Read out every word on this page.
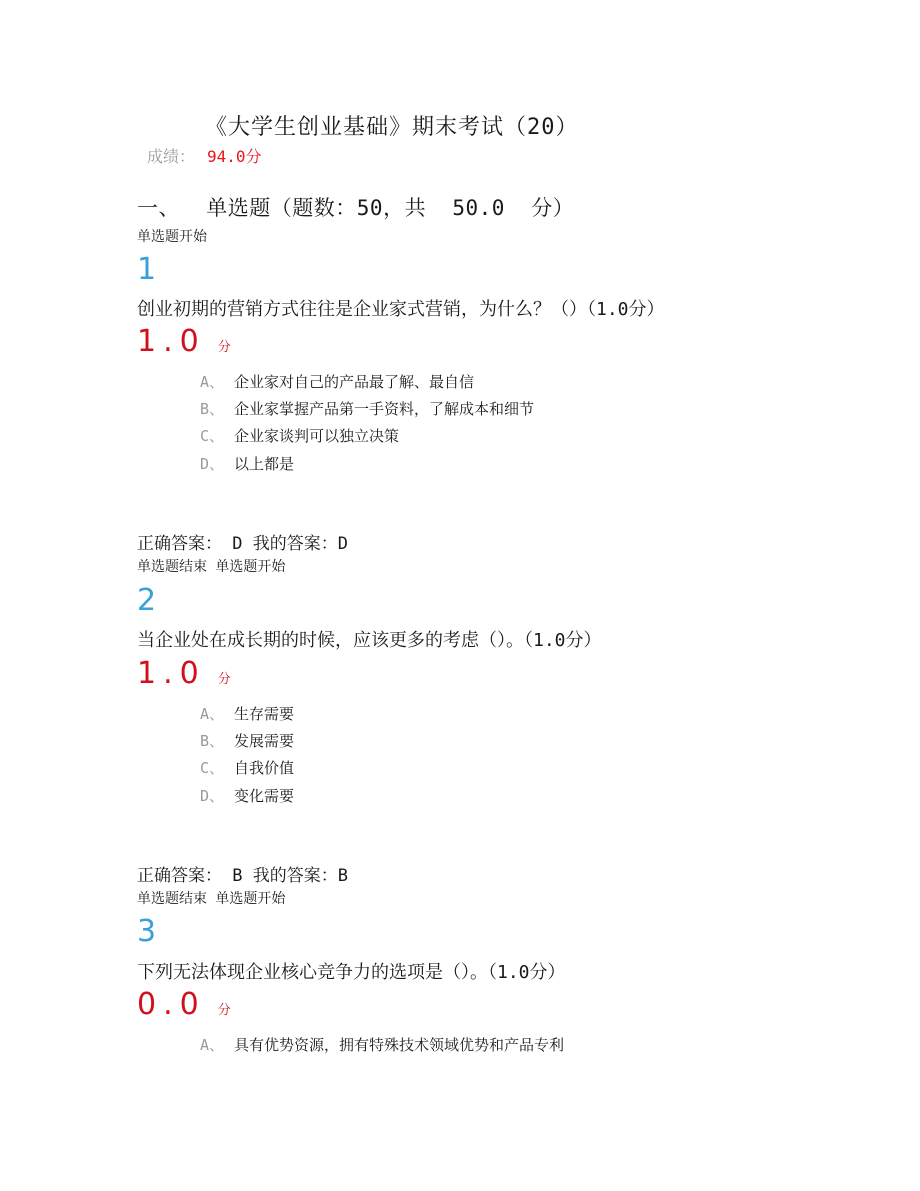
《大学生创业基础》期末考试（20）
成绩： 94.0分
一、  单选题（题数：50，共  50.0  分）
单选题开始
1
创业初期的营销方式往往是企业家式营销，为什么？（）（1.0分）
1.0 分
A、 企业家对自己的产品最了解、最自信
B、 企业家掌握产品第一手资料，了解成本和细节
C、 企业家谈判可以独立决策
D、 以上都是
正确答案： D 我的答案：D
单选题结束 单选题开始
2
当企业处在成长期的时候，应该更多的考虑（）。（1.0分）
1.0 分
A、 生存需要
B、 发展需要
C、 自我价值
D、 变化需要
正确答案： B 我的答案：B
单选题结束 单选题开始
3
下列无法体现企业核心竞争力的选项是（）。（1.0分）
0.0 分
A、 具有优势资源，拥有特殊技术领域优势和产品专利
